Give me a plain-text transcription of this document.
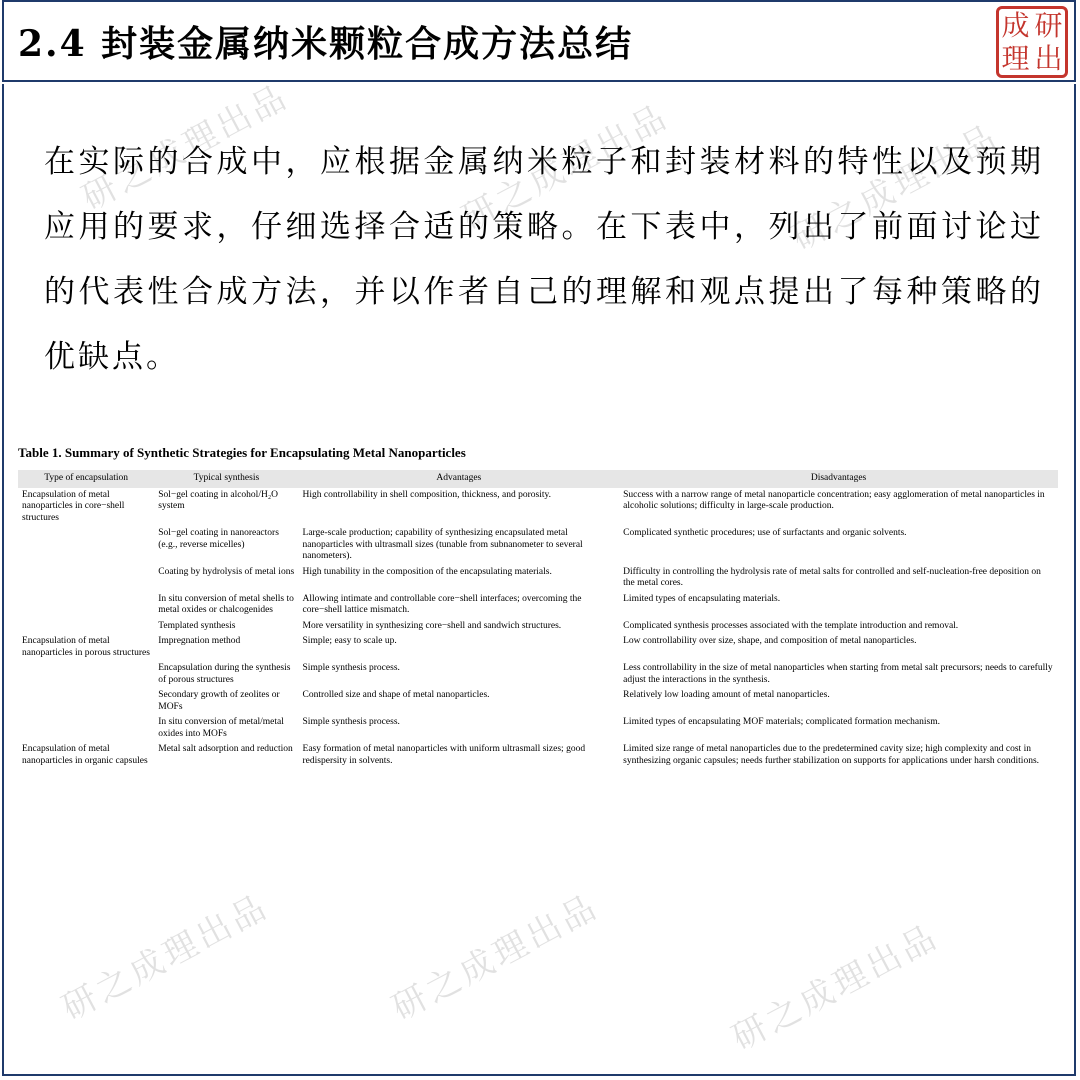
2.4 封装金属纳米颗粒合成方法总结	成 研
理 出
研之成理出品	研之成理出品	研之成理出品
研之成理出品	研之成理出品	研之成理出品
在实际的合成中，应根据金属纳米粒子和封装材料的特性以及预期应用的要求，仔细选择合适的策略。在下表中，列出了前面讨论过的代表性合成方法，并以作者自己的理解和观点提出了每种策略的优缺点。
Table 1. Summary of Synthetic Strategies for Encapsulating Metal Nanoparticles
Type of encapsulation	Typical synthesis	Advantages	Disadvantages
Encapsulation of metal nanoparticles in core−shell structures	Sol−gel coating in alcohol/H₂O system	High controllability in shell composition, thickness, and porosity.	Success with a narrow range of metal nanoparticle concentration; easy agglomeration of metal nanoparticles in alcoholic solutions; difficulty in large-scale production.
	Sol−gel coating in nanoreactors (e.g., reverse micelles)	Large-scale production; capability of synthesizing encapsulated metal nanoparticles with ultrasmall sizes (tunable from subnanometer to several nanometers).	Complicated synthetic procedures; use of surfactants and organic solvents.
	Coating by hydrolysis of metal ions	High tunability in the composition of the encapsulating materials.	Difficulty in controlling the hydrolysis rate of metal salts for controlled and self-nucleation-free deposition on the metal cores.
	In situ conversion of metal shells to metal oxides or chalcogenides	Allowing intimate and controllable core−shell interfaces; overcoming the core−shell lattice mismatch.	Limited types of encapsulating materials.
	Templated synthesis	More versatility in synthesizing core−shell and sandwich structures.	Complicated synthesis processes associated with the template introduction and removal.
Encapsulation of metal nanoparticles in porous structures	Impregnation method	Simple; easy to scale up.	Low controllability over size, shape, and composition of metal nanoparticles.
	Encapsulation during the synthesis of porous structures	Simple synthesis process.	Less controllability in the size of metal nanoparticles when starting from metal salt precursors; needs to carefully adjust the interactions in the synthesis.
	Secondary growth of zeolites or MOFs	Controlled size and shape of metal nanoparticles.	Relatively low loading amount of metal nanoparticles.
	In situ conversion of metal/metal oxides into MOFs	Simple synthesis process.	Limited types of encapsulating MOF materials; complicated formation mechanism.
Encapsulation of metal nanoparticles in organic capsules	Metal salt adsorption and reduction	Easy formation of metal nanoparticles with uniform ultrasmall sizes; good redispersity in solvents.	Limited size range of metal nanoparticles due to the predetermined cavity size; high complexity and cost in synthesizing organic capsules; needs further stabilization on supports for applications under harsh conditions.
